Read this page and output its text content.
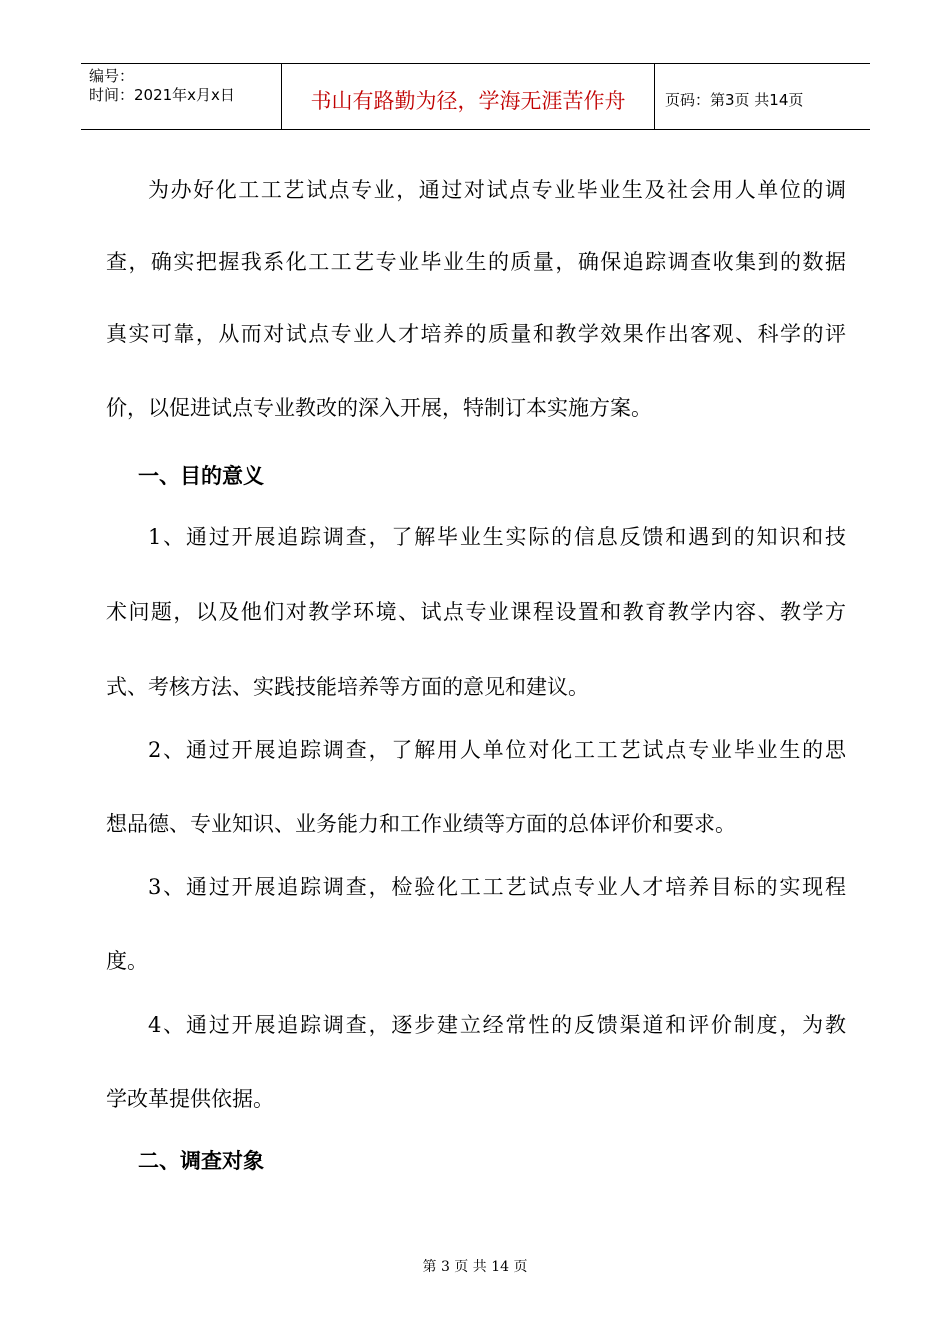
编号：
时间：2021年x月x日	书山有路勤为径，学海无涯苦作舟	页码：第3页 共14页
为办好化工工艺试点专业，通过对试点专业毕业生及社会用人单位的调
查，确实把握我系化工工艺专业毕业生的质量，确保追踪调查收集到的数据
真实可靠，从而对试点专业人才培养的质量和教学效果作出客观、科学的评
价，以促进试点专业教改的深入开展，特制订本实施方案。
一、目的意义
1、通过开展追踪调查，了解毕业生实际的信息反馈和遇到的知识和技
术问题，以及他们对教学环境、试点专业课程设置和教育教学内容、教学方
式、考核方法、实践技能培养等方面的意见和建议。
2、通过开展追踪调查，了解用人单位对化工工艺试点专业毕业生的思
想品德、专业知识、业务能力和工作业绩等方面的总体评价和要求。
3、通过开展追踪调查，检验化工工艺试点专业人才培养目标的实现程
度。
4、通过开展追踪调查，逐步建立经常性的反馈渠道和评价制度，为教
学改革提供依据。
二、调查对象
第 3 页 共 14 页
